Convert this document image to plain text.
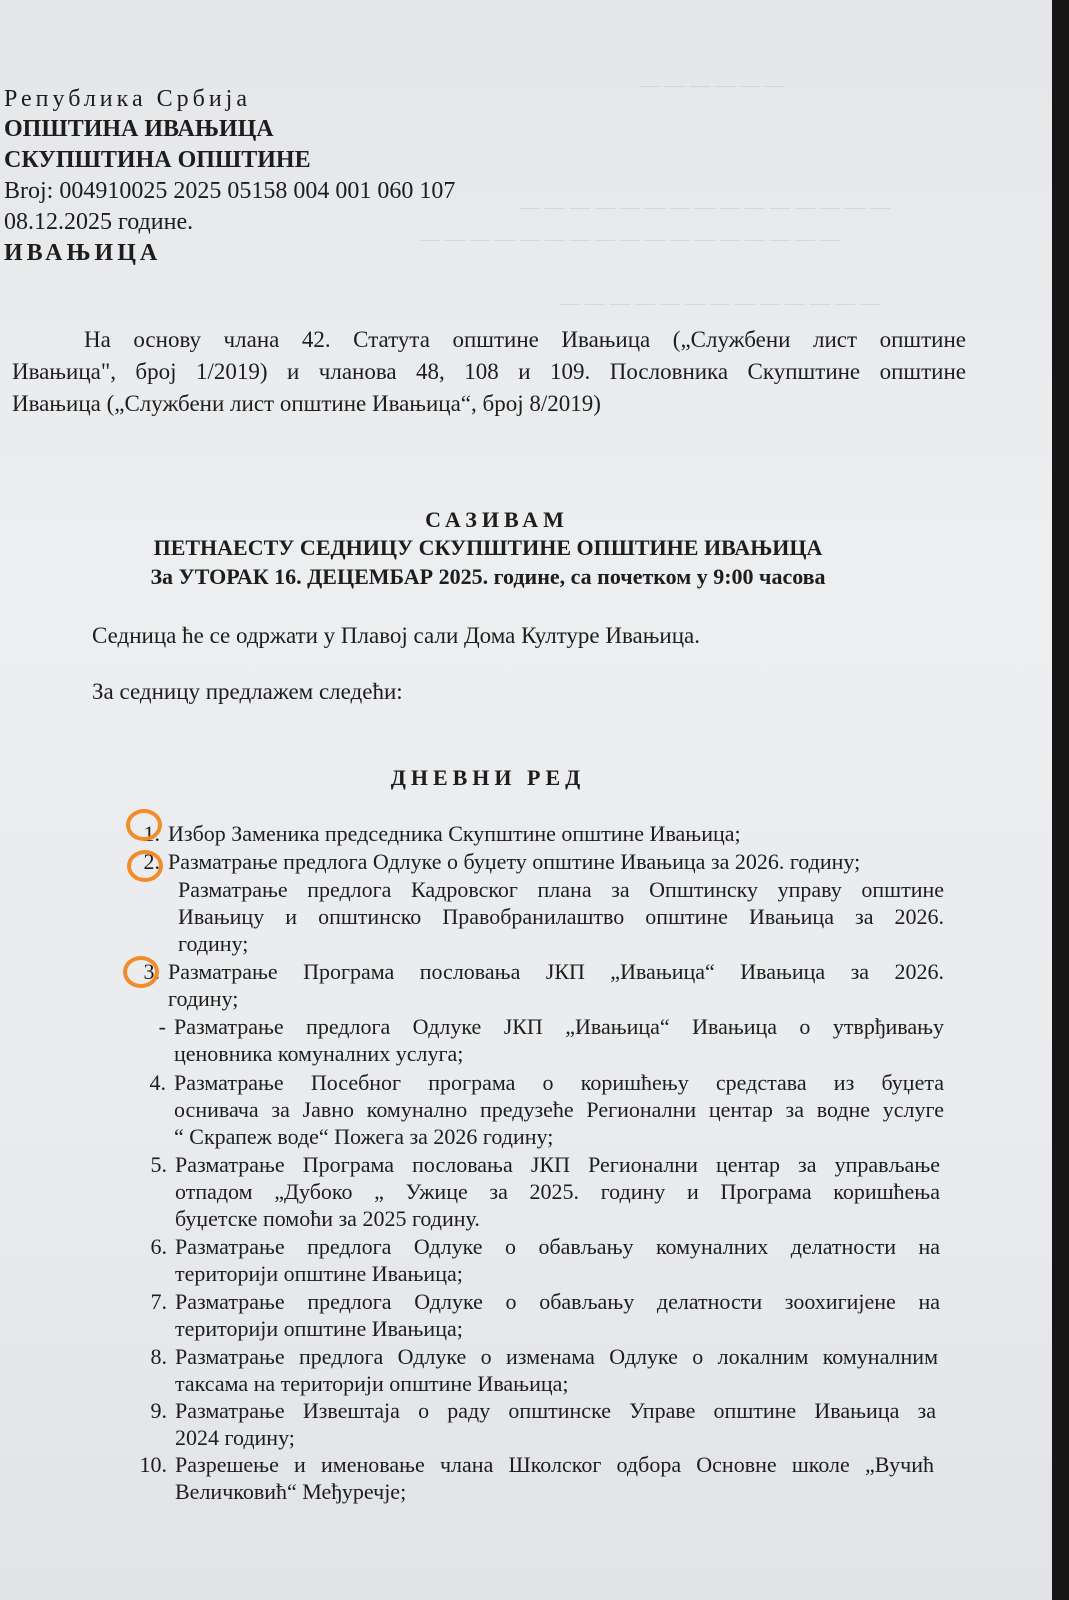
— — — — — —
— — — — — — — — — — — — — — —
— — — — — — — — — — — — — — — — —
— — — — — — — — — — — — —
Република Србија
ОПШТИНА ИВАЊИЦА
СКУПШТИНА ОПШТИНЕ
Broj: 004910025 2025 05158 004 001 060 107
08.12.2025 године.
ИВАЊИЦА
На основу члана 42. Статута општине Ивањица („Службени лист општине
Ивањица", број 1/2019) и чланова 48, 108 и 109. Пословника Скупштине општине
Ивањица („Службени лист општине Ивањица“, број 8/2019)
САЗИВАМ
ПЕТНАЕСТУ СЕДНИЦУ СКУПШТИНЕ ОПШТИНЕ ИВАЊИЦА
За УТОРАК 16. ДЕЦЕМБАР 2025. године, са почетком у 9:00 часова
Седница ће се одржати у Плавој сали Дома Културе Ивањица.
За седницу предлажем следећи:
ДНЕВНИ РЕД
1. Избор Заменика председника Скупштине општине Ивањица;
2. Разматрање предлога Одлуке о буџету општине Ивањица за 2026. годину;
Разматрање предлога Кадровског плана за Општинску управу општине
Ивањицу и општинско Правобранилаштво општине Ивањица за 2026.
годину;
3. Разматрање Програма пословања ЈКП „Ивањица“ Ивањица за 2026.
годину;
- Разматрање предлога Одлуке ЈКП „Ивањица“ Ивањица о утврђивању
ценовника комуналних услуга;
4. Разматрање Посебног програма о коришћењу средстава из буџета
оснивача за Јавно комунално предузеће Регионални центар за водне услуге
“ Скрапеж воде“ Пожега за 2026 годину;
5. Разматрање Програма пословања ЈКП Регионални центар за управљање
отпадом „Дубоко „ Ужице за 2025. годину и Програма коришћења
буџетске помоћи за 2025 годину.
6. Разматрање предлога Одлуке о обављању комуналних делатности на
територији општине Ивањица;
7. Разматрање предлога Одлуке о обављању делатности зоохигијене на
територији општине Ивањица;
8. Разматрање предлога Одлуке о изменама Одлуке о локалним комуналним
таксама на територији општине Ивањица;
9. Разматрање Извештаја о раду општинске Управе општине Ивањица за
2024 годину;
10. Разрешење и именовање члана Школског одбора Основне школе „Вучић
Величковић“ Међуречје;
